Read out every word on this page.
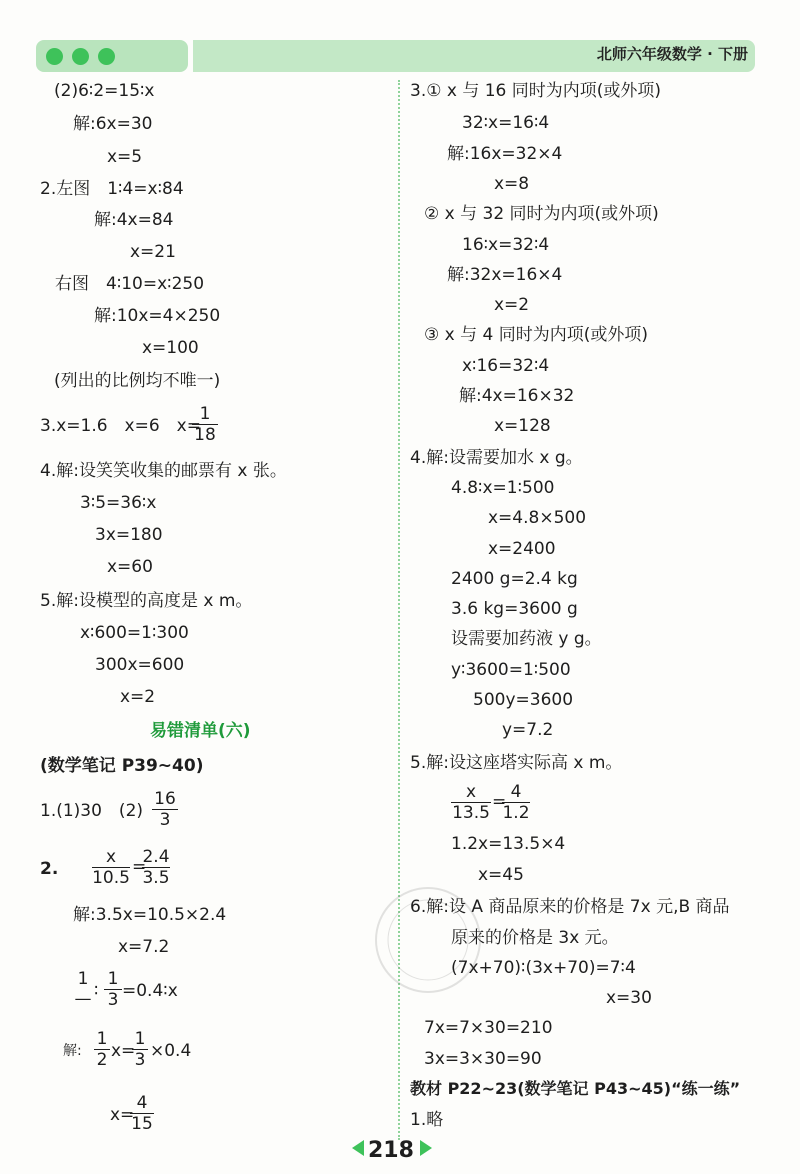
北师六年级数学 · 下册
(2)6∶2=15∶x
解:6x=30
x=5
2.左图　1∶4=x∶84
解:4x=84
x=21
右图　4∶10=x∶250
解:10x=4×250
x=100
(列出的比例均不唯一)
3.x=1.6　x=6　x=
$\frac{1}{18}$
4.解:设笑笑收集的邮票有 x 张。
3∶5=36∶x
3x=180
x=60
5.解:设模型的高度是 x m。
x∶600=1∶300
300x=600
x=2
易错清单(六)
(数学笔记 P39~40)
1.(1)30　$(2) \frac{16}{3}$
2. $\frac{x}{10.5}$ =
$\frac{2.4}{3.5}$
解:3.5x=10.5×2.4
x=7.2
1
— ∶ $\frac{1}{3}$ =0.4∶x
解: $\frac{1}{2} x=$
$\frac{1}{3} \times 0.4$
x=
$\frac{4}{15}$
3.① x 与 16 同时为内项(或外项)
32∶x=16∶4
解:16x=32×4
x=8
② x 与 32 同时为内项(或外项)
16∶x=32∶4
解:32x=16×4
x=2
③ x 与 4 同时为内项(或外项)
x∶16=32∶4
解:4x=16×32
x=128
4.解:设需要加水 x g。
4.8∶x=1∶500
x=4.8×500
x=2400
2400 g=2.4 kg
3.6 kg=3600 g
设需要加药液 y g。
y∶3600=1∶500
500y=3600
y=7.2
5.解:设这座塔实际高 x m。
$\frac{x}{13.5}$ =
$\frac{4}{1.2}$
1.2x=13.5×4
x=45
6.解:设 A 商品原来的价格是 7x 元,B 商品
原来的价格是 3x 元。
(7x+70)∶(3x+70)=7∶4
x=30
7x=7×30=210
3x=3×30=90
教材 P22~23(数学笔记 P43~45)“练一练”
1.略
218
